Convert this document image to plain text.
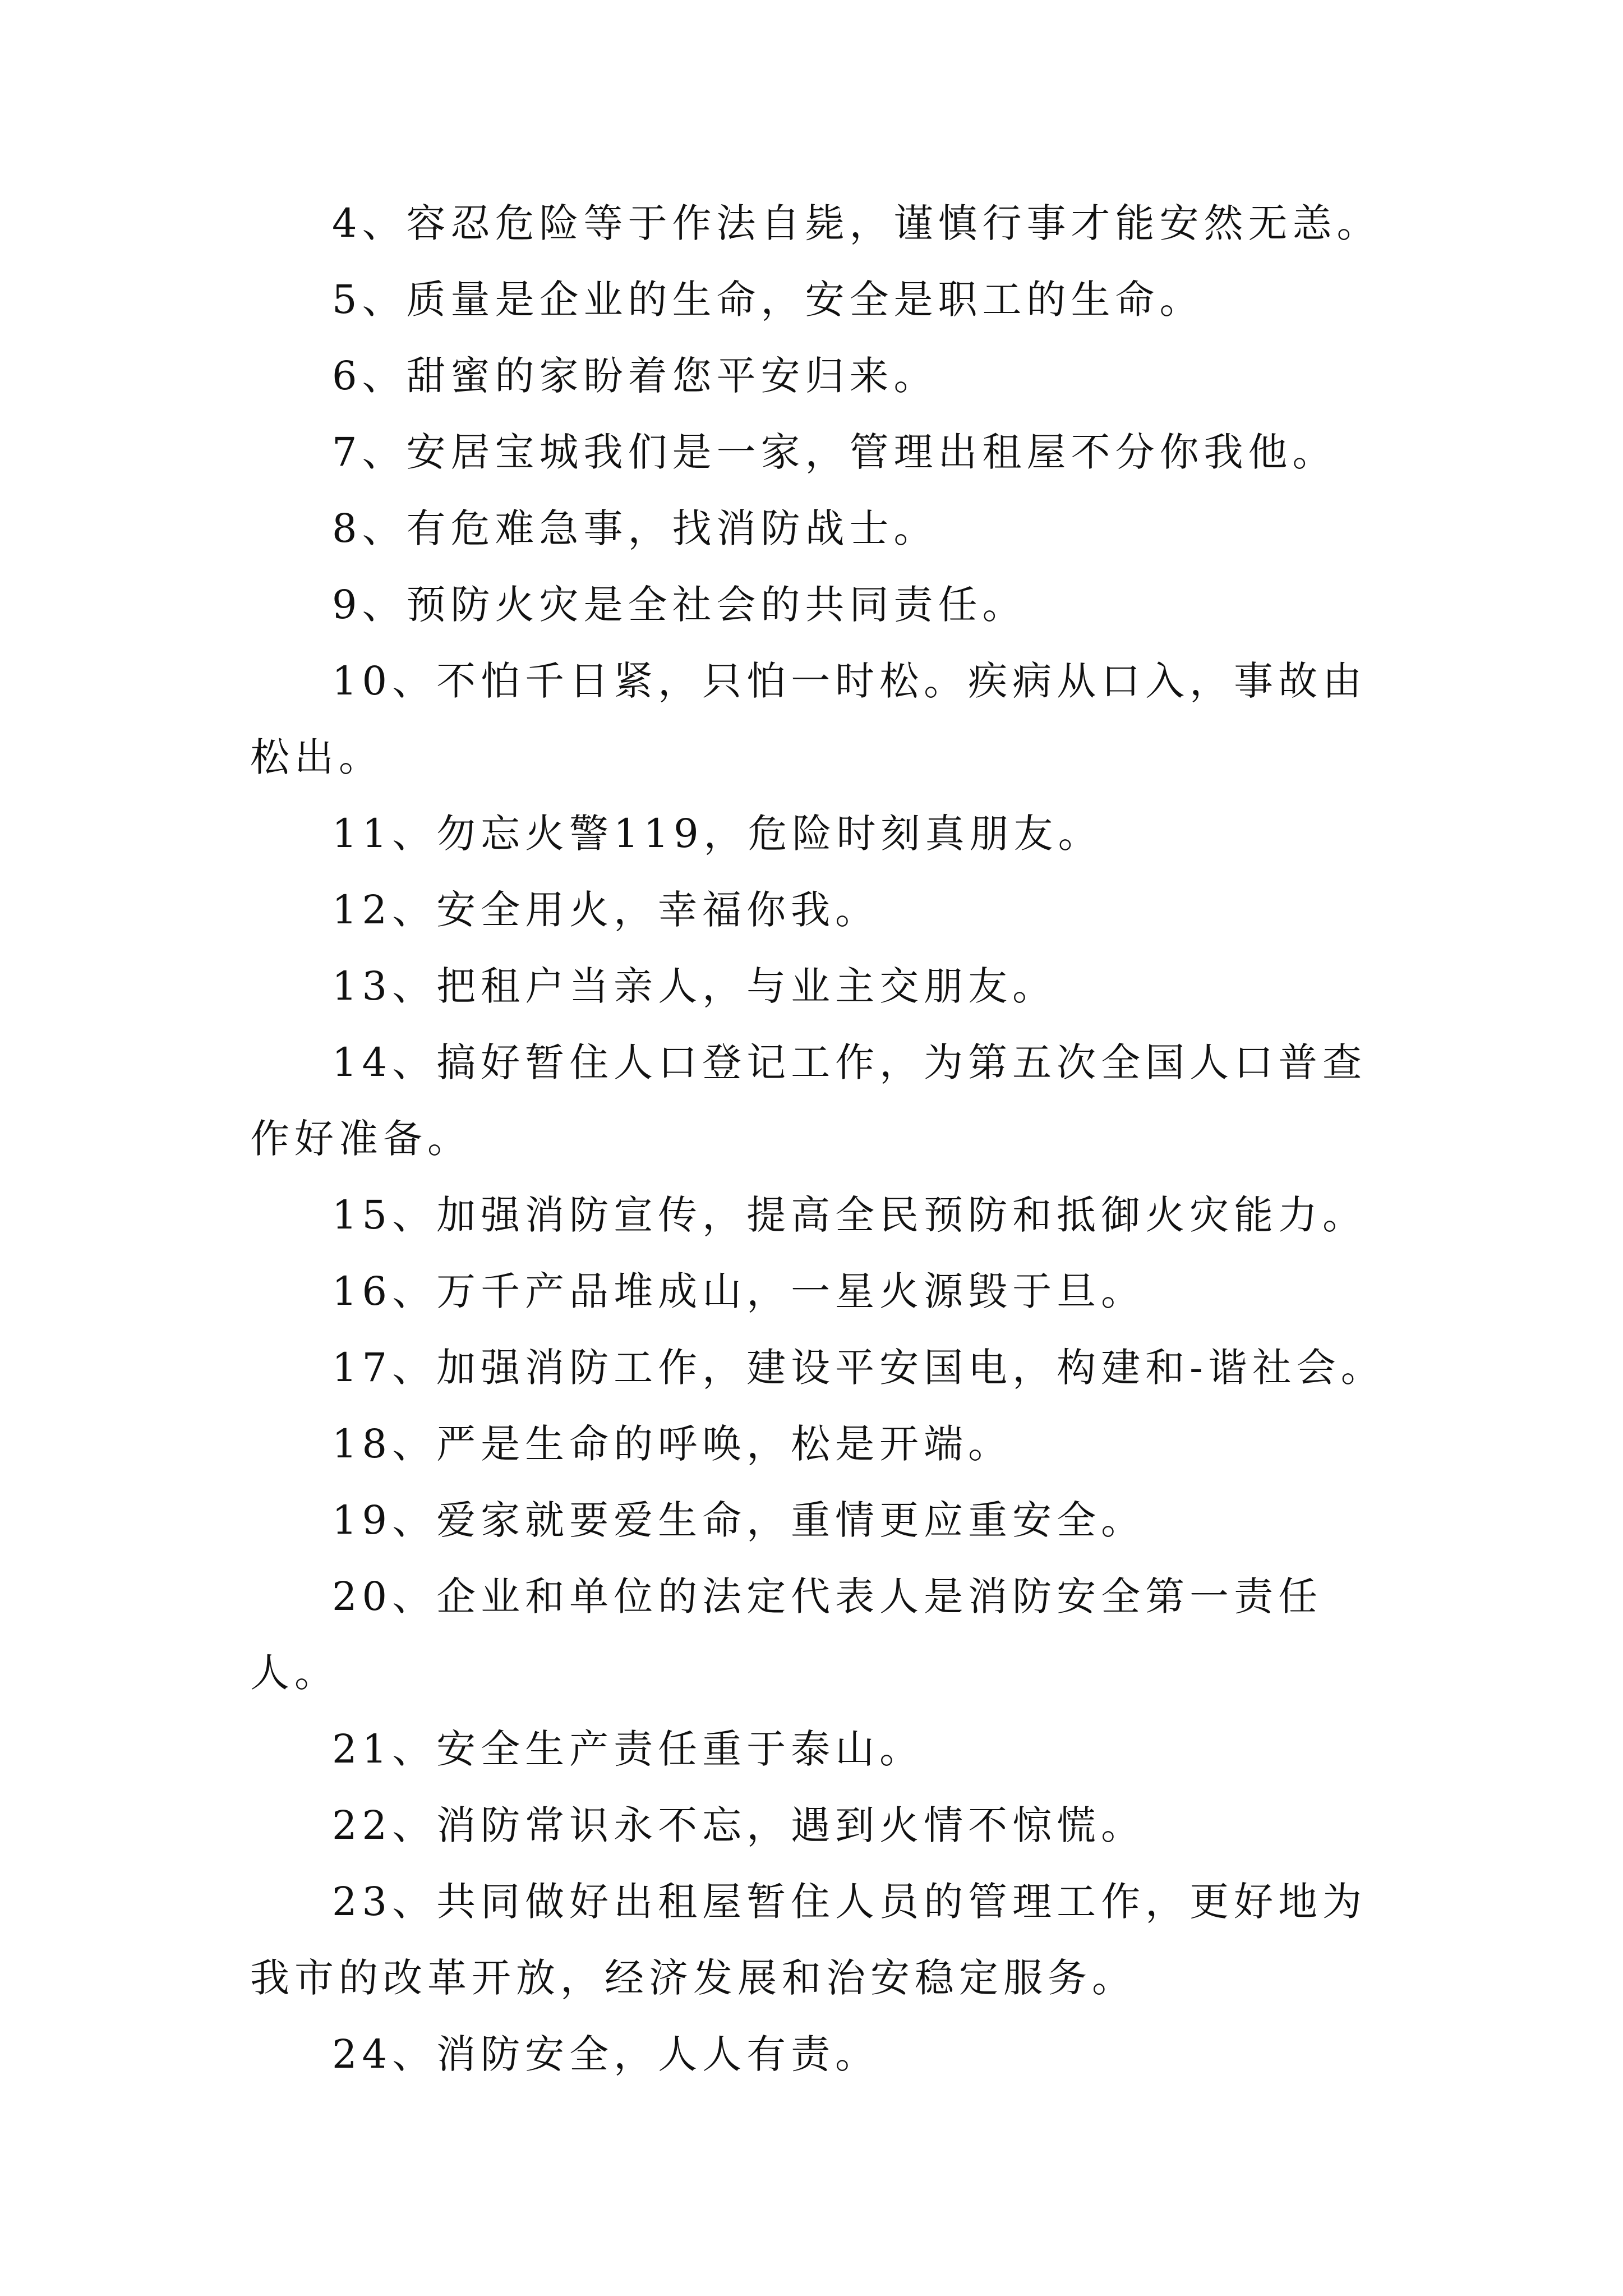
4、容忍危险等于作法自毙，谨慎行事才能安然无恙。

5、质量是企业的生命，安全是职工的生命。

6、甜蜜的家盼着您平安归来。

7、安居宝城我们是一家，管理出租屋不分你我他。

8、有危难急事，找消防战士。

9、预防火灾是全社会的共同责任。

10、不怕千日紧，只怕一时松。疾病从口入，事故由松出。

11、勿忘火警119，危险时刻真朋友。

12、安全用火，幸福你我。

13、把租户当亲人，与业主交朋友。

14、搞好暂住人口登记工作，为第五次全国人口普查作好准备。

15、加强消防宣传，提高全民预防和抵御火灾能力。

16、万千产品堆成山，一星火源毁于旦。

17、加强消防工作，建设平安国电，构建和-谐社会。

18、严是生命的呼唤，松是开端。

19、爱家就要爱生命，重情更应重安全。

20、企业和单位的法定代表人是消防安全第一责任人。

21、安全生产责任重于泰山。

22、消防常识永不忘，遇到火情不惊慌。

23、共同做好出租屋暂住人员的管理工作，更好地为我市的改革开放，经济发展和治安稳定服务。

24、消防安全，人人有责。
